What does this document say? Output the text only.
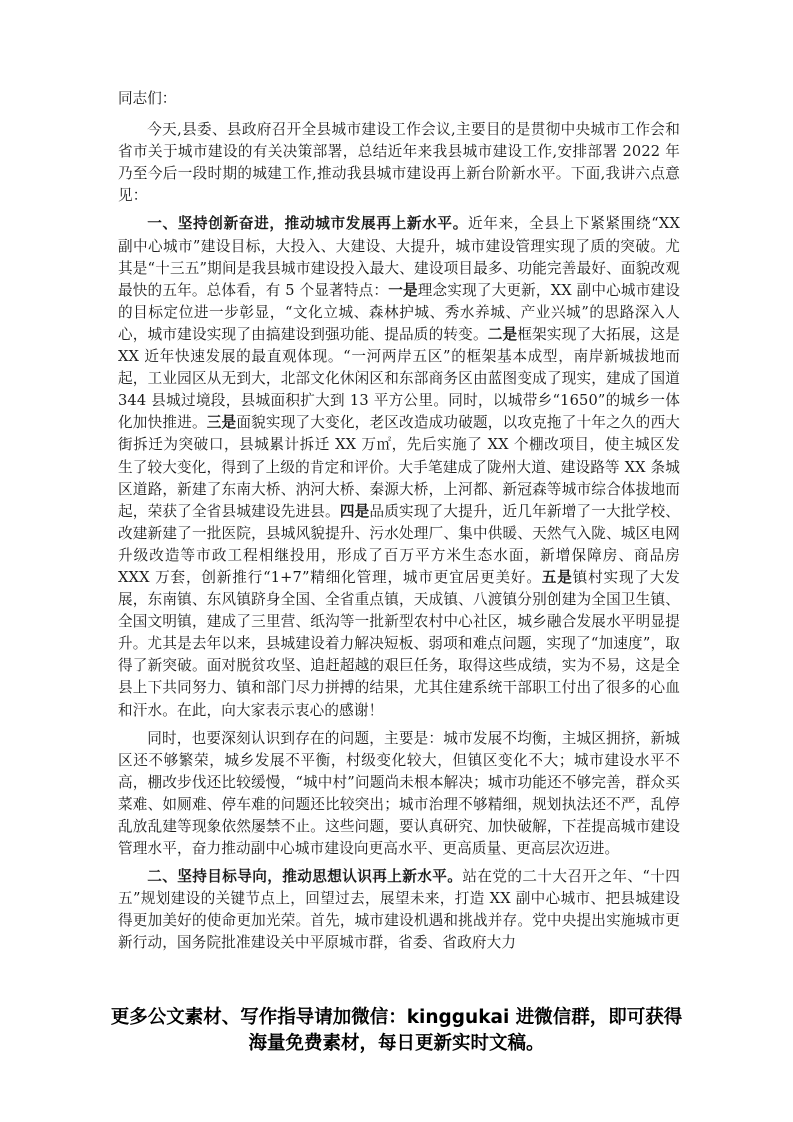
同志们：

今天,县委、县政府召开全县城市建设工作会议,主要目的是贯彻中央城市工作会和省市关于城市建设的有关决策部署，总结近年来我县城市建设工作,安排部署 2022 年乃至今后一段时期的城建工作,推动我县城市建设再上新台阶新水平。下面,我讲六点意见：

一、坚持创新奋进，推动城市发展再上新水平。近年来，全县上下紧紧围绕“XX 副中心城市”建设目标，大投入、大建设、大提升，城市建设管理实现了质的突破。尤其是“十三五”期间是我县城市建设投入最大、建设项目最多、功能完善最好、面貌改观最快的五年。总体看，有 5 个显著特点：一是理念实现了大更新，XX 副中心城市建设的目标定位进一步彰显，“文化立城、森林护城、秀水养城、产业兴城”的思路深入人心，城市建设实现了由搞建设到强功能、提品质的转变。二是框架实现了大拓展，这是 XX 近年快速发展的最直观体现。“一河两岸五区”的框架基本成型，南岸新城拔地而起，工业园区从无到大，北部文化休闲区和东部商务区由蓝图变成了现实，建成了国道 344 县城过境段，县城面积扩大到 13 平方公里。同时，以城带乡“1650”的城乡一体化加快推进。三是面貌实现了大变化，老区改造成功破题，以攻克拖了十年之久的西大街拆迁为突破口，县城累计拆迁 XX 万㎡，先后实施了 XX 个棚改项目，使主城区发生了较大变化，得到了上级的肯定和评价。大手笔建成了陇州大道、建设路等 XX 条城区道路，新建了东南大桥、汭河大桥、秦源大桥，上河都、新冠森等城市综合体拔地而起，荣获了全省县城建设先进县。四是品质实现了大提升，近几年新增了一大批学校、改建新建了一批医院，县城风貌提升、污水处理厂、集中供暖、天然气入陇、城区电网升级改造等市政工程相继投用，形成了百万平方米生态水面，新增保障房、商品房 XXX 万套，创新推行“1+7”精细化管理，城市更宜居更美好。五是镇村实现了大发展，东南镇、东风镇跻身全国、全省重点镇，天成镇、八渡镇分别创建为全国卫生镇、全国文明镇，建成了三里营、纸沟等一批新型农村中心社区，城乡融合发展水平明显提升。尤其是去年以来，县城建设着力解决短板、弱项和难点问题，实现了“加速度”，取得了新突破。面对脱贫攻坚、追赶超越的艰巨任务，取得这些成绩，实为不易，这是全县上下共同努力、镇和部门尽力拼搏的结果，尤其住建系统干部职工付出了很多的心血和汗水。在此，向大家表示衷心的感谢！

同时，也要深刻认识到存在的问题，主要是：城市发展不均衡，主城区拥挤，新城区还不够繁荣，城乡发展不平衡，村级变化较大，但镇区变化不大；城市建设水平不高，棚改步伐还比较缓慢，“城中村”问题尚未根本解决；城市功能还不够完善，群众买菜难、如厕难、停车难的问题还比较突出；城市治理不够精细，规划执法还不严，乱停乱放乱建等现象依然屡禁不止。这些问题，要认真研究、加快破解，下茬提高城市建设管理水平，奋力推动副中心城市建设向更高水平、更高质量、更高层次迈进。

二、坚持目标导向，推动思想认识再上新水平。站在党的二十大召开之年、“十四五”规划建设的关键节点上，回望过去，展望未来，打造 XX 副中心城市、把县城建设得更加美好的使命更加光荣。首先，城市建设机遇和挑战并存。党中央提出实施城市更新行动，国务院批准建设关中平原城市群，省委、省政府大力

更多公文素材、写作指导请加微信：kinggukai 进微信群，即可获得
海量免费素材，每日更新实时文稿。
